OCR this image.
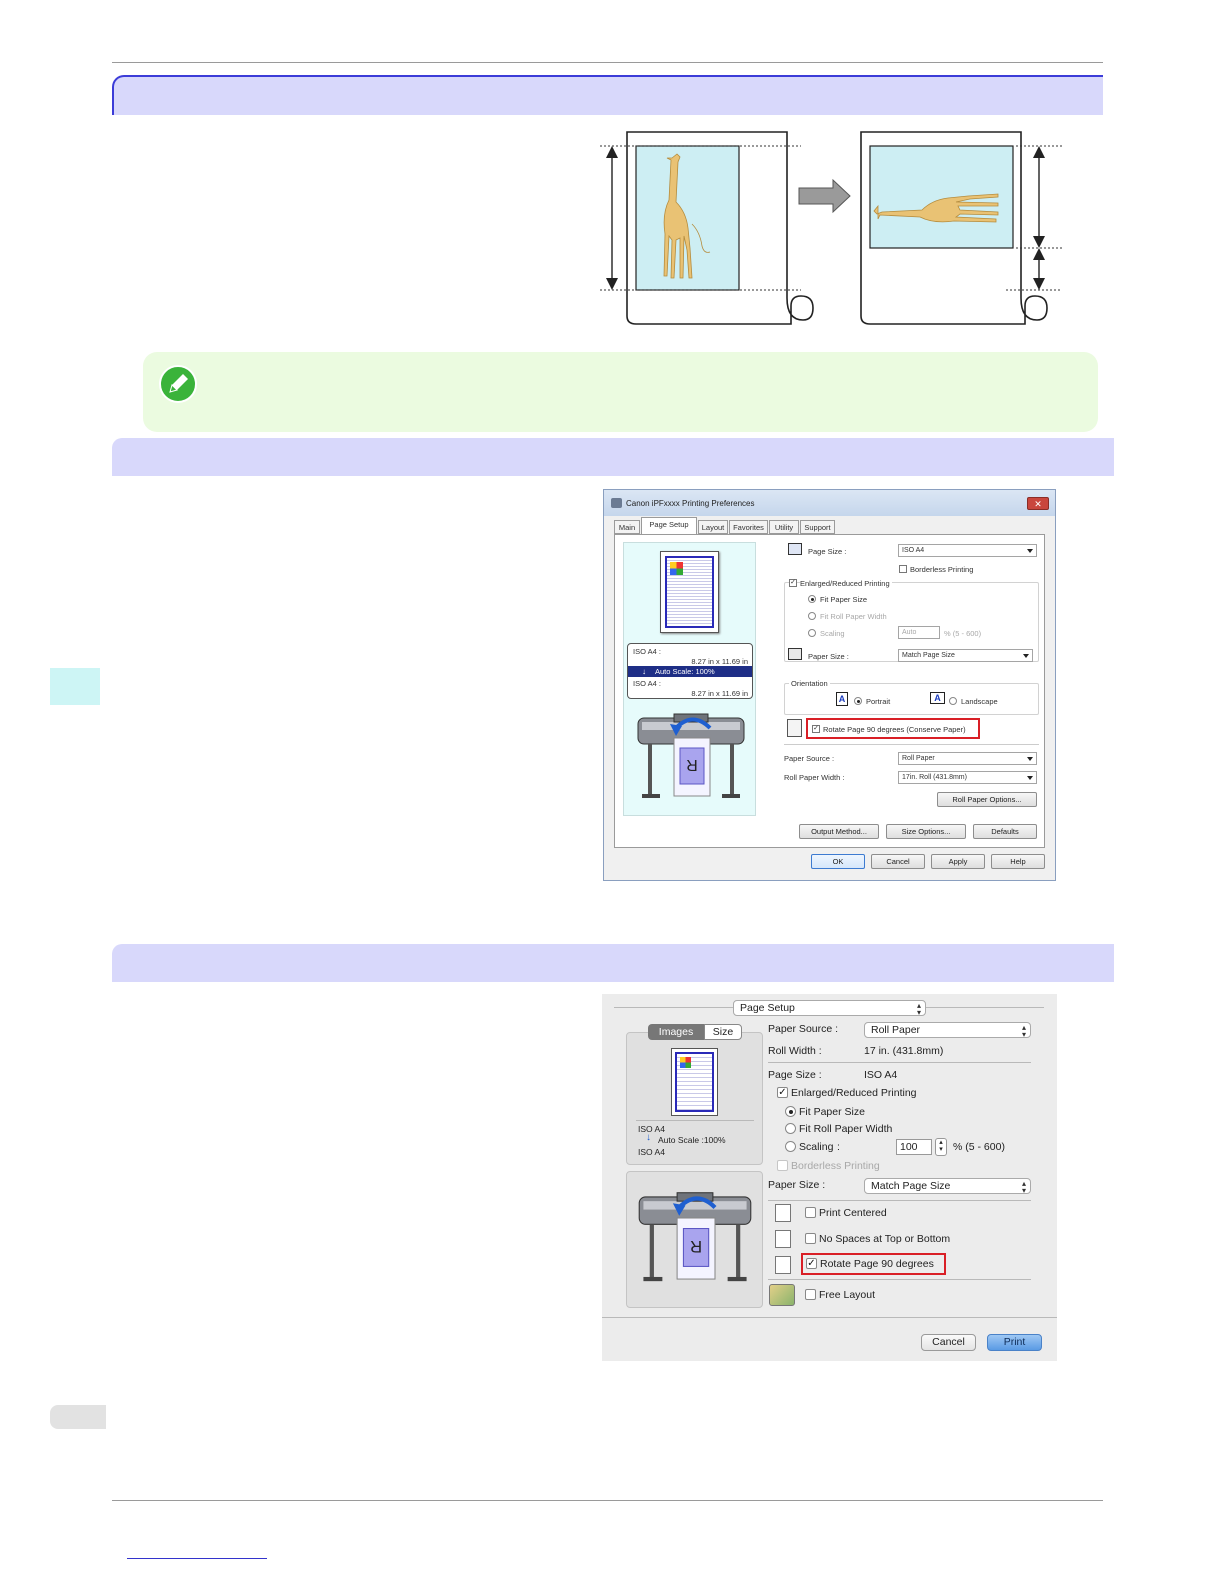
Canon iPFxxxx Printing Preferences	✕
Main	Page Setup	Layout	Favorites	Utility	Support
ISO A4 :
8.27 in x 11.69 in
↓ Auto Scale: 100%
ISO A4 :
8.27 in x 11.69 in
R
Page Size :	ISO A4
Borderless Printing
✓ Enlarged/Reduced Printing
Fit Paper Size
Fit Roll Paper Width
Scaling	Auto	% (5 - 600)
Paper Size :	Match Page Size
Orientation
A	Portrait	A	Landscape
✓ Rotate Page 90 degrees (Conserve Paper)
Paper Source :	Roll Paper
Roll Paper Width :	17in. Roll (431.8mm)
Roll Paper Options...
Output Method...	Size Options...	Defaults
OK	Cancel	Apply	Help
Page Setup	▴
▾
Images	Size
ISO A4
↓ Auto Scale :100%
ISO A4
R
Paper Source :	Roll Paper	▴
▾
Roll Width :	17 in. (431.8mm)
Page Size :	ISO A4
✓ Enlarged/Reduced Printing
Fit Paper Size
Fit Roll Paper Width
Scaling :	100	▴
▾ % (5 - 600)
Borderless Printing
Paper Size :	Match Page Size	▴
▾
Print Centered
No Spaces at Top or Bottom
✓ Rotate Page 90 degrees
Free Layout
Cancel	Print
